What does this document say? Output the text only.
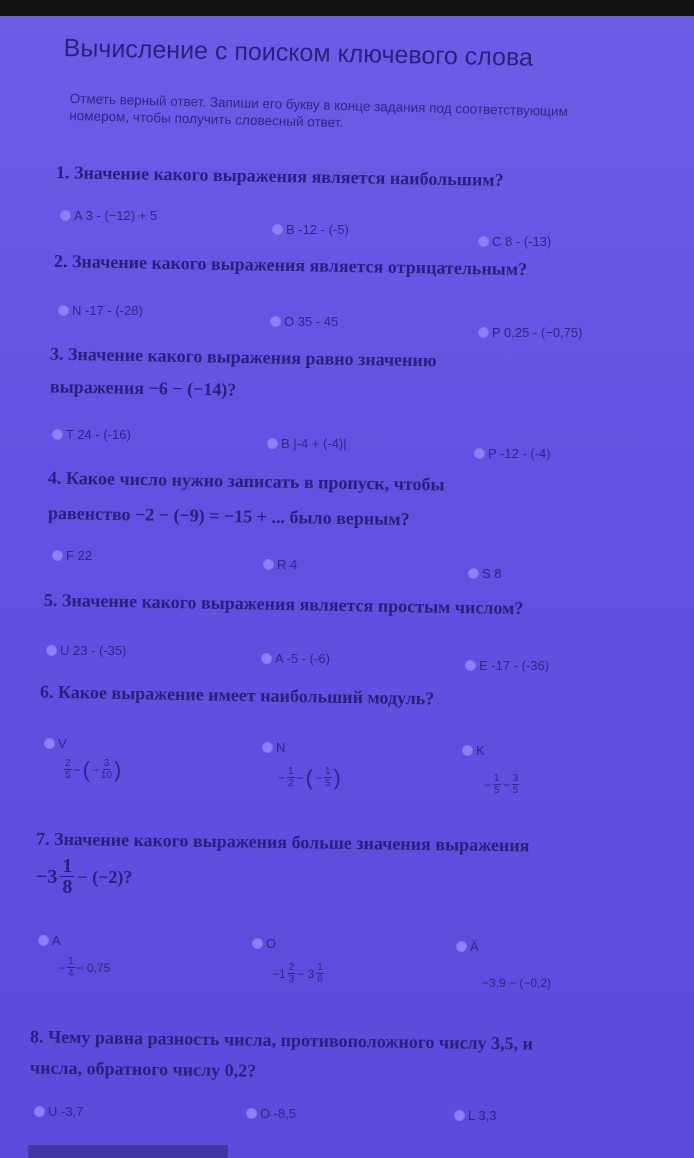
Вычисление с поиском ключевого слова
Отметь верный ответ. Запиши его букву в конце задания под соответствующим номером, чтобы получить словесный ответ.

1. Значение какого выражения является наибольшим?

A 3 - (−12) + 5
B -12 - (-5)
C 8 - (-13)

2. Значение какого выражения является отрицательным?

N -17 - (-28)
O 35 - 45
P 0,25 - (−0,75)

3. Значение какого выражения равно значению

выражения −6 − (−14)?

T 24 - (-16)
B |-4 + (-4)|
P -12 - (-4)

4. Какое число нужно записать в пропуск, чтобы

равенство −2 − (−9) = −15 + ... было верным?

F 22
R 4
S 8

5. Значение какого выражения является простым числом?

U 23 - (-35)
A -5 - (-6)	E -17 - (-36)

6. Какое выражение имеет наибольший модуль?

V
2
5 − ( − $\frac{3}{10}$ )
N
− $\frac{1}{2}$ − ( − $\frac{1}{5}$ )
K
− $\frac{1}{5} - \frac{3}{5}$

7. Значение какого выражения больше значения выражения

−3 1
8 − (−2)?
A
− $\frac{1}{4} - 0,75$
O
−1 2
3 − 3 1
6
Ä
−3,9 − (−0,2)

8. Чему равна разность числа, противоположного числу 3,5, и

числа, обратного числу 0,2?

U -3,7	O -8,5	L 3,3
